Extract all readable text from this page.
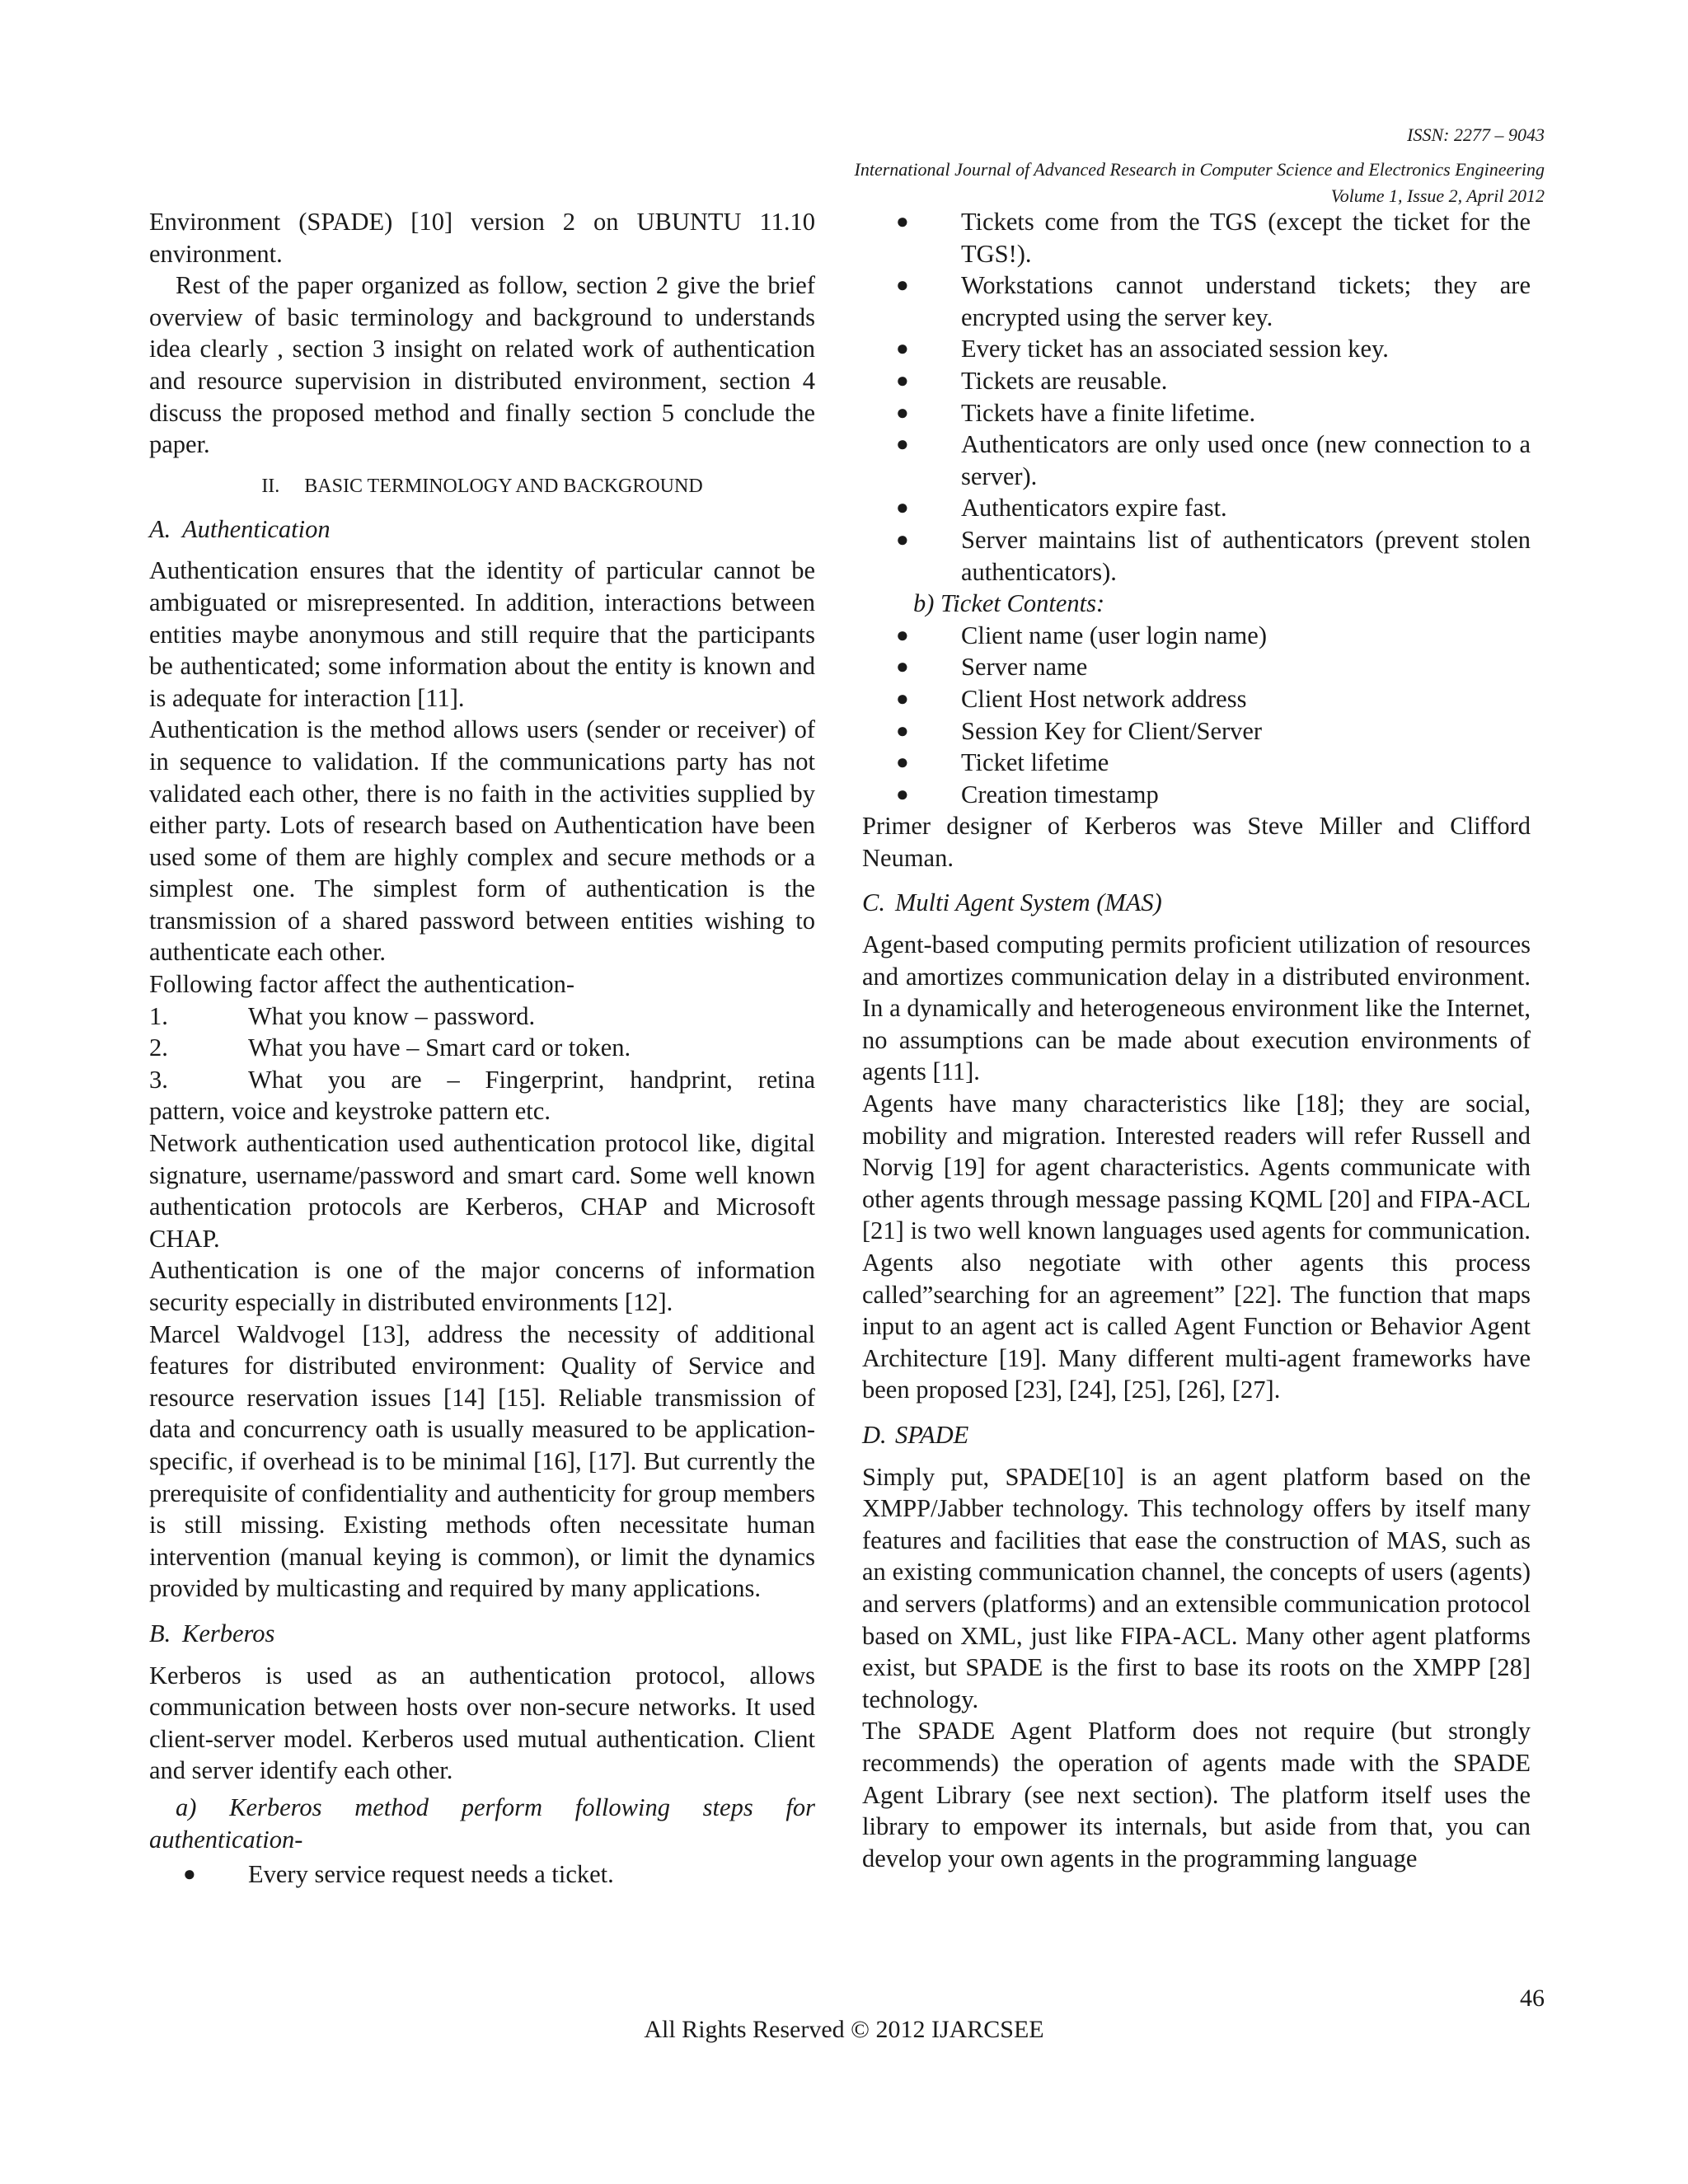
ISSN: 2277 – 9043
International Journal of Advanced Research in Computer Science and Electronics Engineering
Volume 1, Issue 2, April 2012

Environment (SPADE) [10] version 2 on UBUNTU 11.10 environment.

Rest of the paper organized as follow, section 2 give the brief overview of basic terminology and background to understands idea clearly , section 3 insight on related work of authentication and resource supervision in distributed environment, section 4 discuss the proposed method and finally section 5 conclude the paper.

II. BASIC TERMINOLOGY AND BACKGROUND
A. Authentication

Authentication ensures that the identity of particular cannot be ambiguated or misrepresented. In addition, interactions between entities maybe anonymous and still require that the participants be authenticated; some information about the entity is known and is adequate for interaction [11].

Authentication is the method allows users (sender or receiver) of in sequence to validation. If the communications party has not validated each other, there is no faith in the activities supplied by either party. Lots of research based on Authentication have been used some of them are highly complex and secure methods or a simplest one. The simplest form of authentication is the transmission of a shared password between entities wishing to authenticate each other.

Following factor affect the authentication-

1.	What you know – password.
2.	What you have – Smart card or token.
3.	What you are – Fingerprint, handprint, retina

pattern, voice and keystroke pattern etc.

Network authentication used authentication protocol like, digital signature, username/password and smart card. Some well known authentication protocols are Kerberos, CHAP and Microsoft CHAP.

Authentication is one of the major concerns of information security especially in distributed environments [12].

Marcel Waldvogel [13], address the necessity of additional features for distributed environment: Quality of Service and resource reservation issues [14] [15]. Reliable transmission of data and concurrency oath is usually measured to be application-specific, if overhead is to be minimal [16], [17]. But currently the prerequisite of confidentiality and authenticity for group members is still missing. Existing methods often necessitate human intervention (manual keying is common), or limit the dynamics provided by multicasting and required by many applications.

B. Kerberos

Kerberos is used as an authentication protocol, allows communication between hosts over non-secure networks. It used client-server model. Kerberos used mutual authentication. Client and server identify each other.

a) Kerberos method perform following steps for authentication-

●	Every service request needs a ticket.
●	Tickets come from the TGS (except the ticket for the TGS!).
●	Workstations cannot understand tickets; they are encrypted using the server key.
●	Every ticket has an associated session key.
●	Tickets are reusable.
●	Tickets have a finite lifetime.
●	Authenticators are only used once (new connection to a server).
●	Authenticators expire fast.
●	Server maintains list of authenticators (prevent stolen authenticators).

b) Ticket Contents:

●	Client name (user login name)
●	Server name
●	Client Host network address
●	Session Key for Client/Server
●	Ticket lifetime
●	Creation timestamp

Primer designer of Kerberos was Steve Miller and Clifford Neuman.

C. Multi Agent System (MAS)

Agent-based computing permits proficient utilization of resources and amortizes communication delay in a distributed environment. In a dynamically and heterogeneous environment like the Internet, no assumptions can be made about execution environments of agents [11].

Agents have many characteristics like [18]; they are social, mobility and migration. Interested readers will refer Russell and Norvig [19] for agent characteristics. Agents communicate with other agents through message passing KQML [20] and FIPA-ACL [21] is two well known languages used agents for communication. Agents also negotiate with other agents this process called”searching for an agreement” [22]. The function that maps input to an agent act is called Agent Function or Behavior Agent Architecture [19]. Many different multi-agent frameworks have been proposed [23], [24], [25], [26], [27].

D. SPADE

Simply put, SPADE[10] is an agent platform based on the XMPP/Jabber technology. This technology offers by itself many features and facilities that ease the construction of MAS, such as an existing communication channel, the concepts of users (agents) and servers (platforms) and an extensible communication protocol based on XML, just like FIPA-ACL. Many other agent platforms exist, but SPADE is the first to base its roots on the XMPP [28] technology.

The SPADE Agent Platform does not require (but strongly recommends) the operation of agents made with the SPADE Agent Library (see next section). The platform itself uses the library to empower its internals, but aside from that, you can develop your own agents in the programming language

46
All Rights Reserved © 2012 IJARCSEE
